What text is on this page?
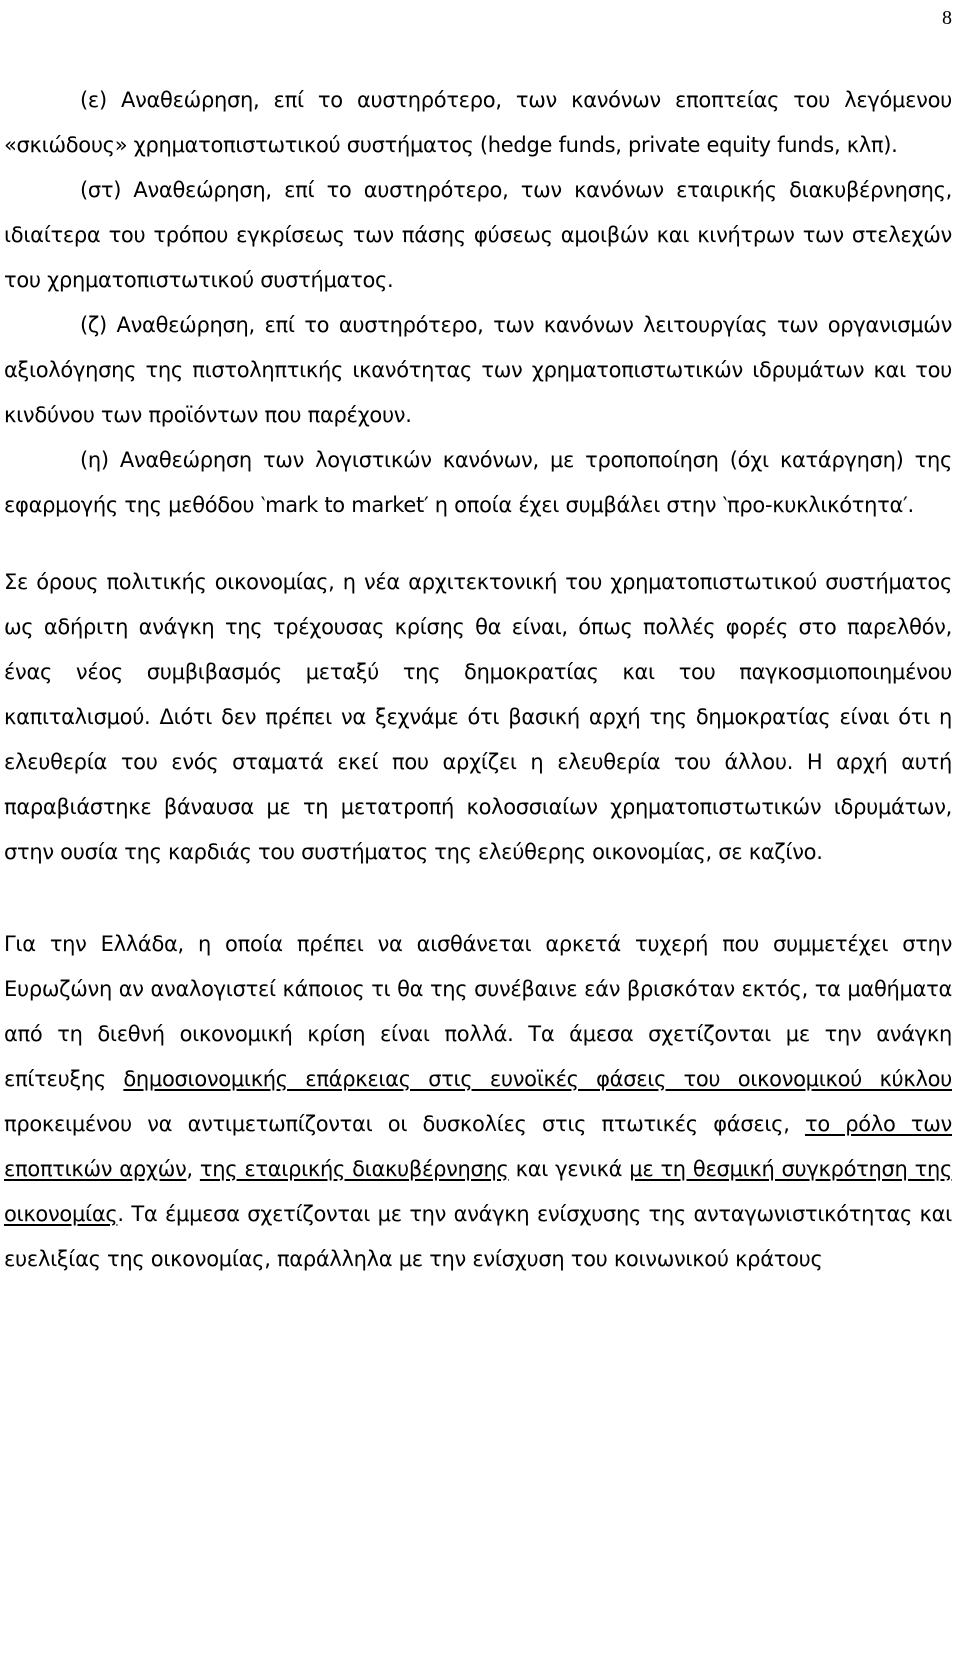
8

(ε) Αναθεώρηση, επί το αυστηρότερο, των κανόνων εποπτείας του λεγόμενου «σκιώδους» χρηματοπιστωτικού συστήματος (hedge funds, private equity funds, κλπ).

(στ) Αναθεώρηση, επί το αυστηρότερο, των κανόνων εταιρικής διακυβέρνησης, ιδιαίτερα του τρόπου εγκρίσεως των πάσης φύσεως αμοιβών και κινήτρων των στελεχών του χρηματοπιστωτικού συστήματος.

(ζ) Αναθεώρηση, επί το αυστηρότερο, των κανόνων λειτουργίας των οργανισμών αξιολόγησης της πιστοληπτικής ικανότητας των χρηματοπιστωτικών ιδρυμάτων και του κινδύνου των προϊόντων που παρέχουν.

(η) Αναθεώρηση των λογιστικών κανόνων, με τροποποίηση (όχι κατάργηση) της εφαρμογής της μεθόδου ‵mark to market′ η οποία έχει συμβάλει στην ‵προ-κυκλικότητα′.

Σε όρους πολιτικής οικονομίας, η νέα αρχιτεκτονική του χρηματοπιστωτικού συστήματος ως αδήριτη ανάγκη της τρέχουσας κρίσης θα είναι, όπως πολλές φορές στο παρελθόν, ένας νέος συμβιβασμός μεταξύ της δημοκρατίας και του παγκοσμιοποιημένου καπιταλισμού. Διότι δεν πρέπει να ξεχνάμε ότι βασική αρχή της δημοκρατίας είναι ότι η ελευθερία του ενός σταματά εκεί που αρχίζει η ελευθερία του άλλου. Η αρχή αυτή παραβιάστηκε βάναυσα με τη μετατροπή κολοσσιαίων χρηματοπιστωτικών ιδρυμάτων, στην ουσία της καρδιάς του συστήματος της ελεύθερης οικονομίας, σε καζίνο.

Για την Ελλάδα, η οποία πρέπει να αισθάνεται αρκετά τυχερή που συμμετέχει στην Ευρωζώνη αν αναλογιστεί κάποιος τι θα της συνέβαινε εάν βρισκόταν εκτός, τα μαθήματα από τη διεθνή οικονομική κρίση είναι πολλά. Τα άμεσα σχετίζονται με την ανάγκη επίτευξης δημοσιονομικής επάρκειας στις ευνοϊκές φάσεις του οικονομικού κύκλου προκειμένου να αντιμετωπίζονται οι δυσκολίες στις πτωτικές φάσεις, το ρόλο των εποπτικών αρχών, της εταιρικής διακυβέρνησης και γενικά με τη θεσμική συγκρότηση της οικονομίας. Τα έμμεσα σχετίζονται με την ανάγκη ενίσχυσης της ανταγωνιστικότητας και ευελιξίας της οικονομίας, παράλληλα με την ενίσχυση του κοινωνικού κράτους
